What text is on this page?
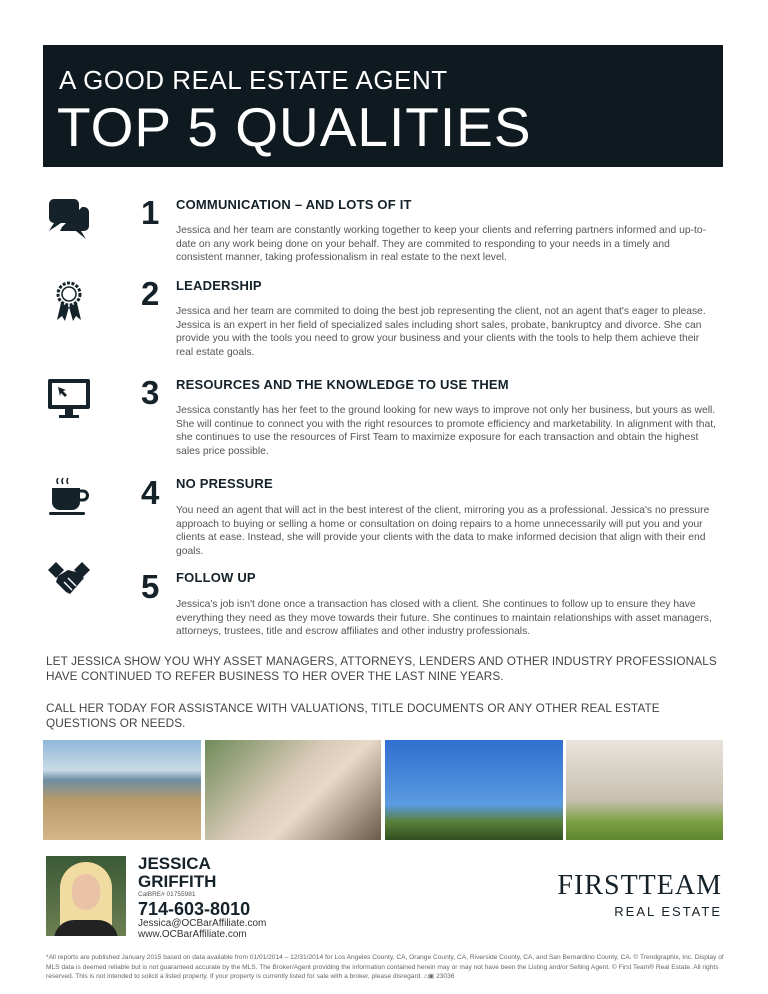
A GOOD REAL ESTATE AGENT
TOP 5 QUALITIES
1 COMMUNICATION – AND LOTS OF IT
Jessica and her team are constantly working together to keep your clients and referring partners informed and up-to-date on any work being done on your behalf. They are commited to responding to your needs in a timely and consistent manner, taking professionalism in real estate to the next level.
2 LEADERSHIP
Jessica and her team are commited to doing the best job representing the client, not an agent that's eager to please. Jessica is an expert in her field of specialized sales including short sales, probate, bankruptcy and divorce. She can provide you with the tools you need to grow your business and your clients with the tools to help them achieve their real estate goals.
3 RESOURCES AND THE KNOWLEDGE TO USE THEM
Jessica constantly has her feet to the ground looking for new ways to improve not only her business, but yours as well. She will continue to connect you with the right resources to promote efficiency and marketability. In alignment with that, she continues to use the resources of First Team to maximize exposure for each transaction and obtain the highest sales price possible.
4 NO PRESSURE
You need an agent that will act in the best interest of the client, mirroring you as a professional. Jessica's no pressure approach to buying or selling a home or consultation on doing repairs to a home unnecessarily will put you and your clients at ease. Instead, she will provide your clients with the data to make informed decision that align with their end goals.
5 FOLLOW UP
Jessica's job isn't done once a transaction has closed with a client. She continues to follow up to ensure they have everything they need as they move towards their future. She continues to maintain relationships with asset managers, attorneys, trustees, title and escrow affiliates and other industry professionals.
LET JESSICA SHOW YOU WHY ASSET MANAGERS, ATTORNEYS, LENDERS AND OTHER INDUSTRY PROFESSIONALS HAVE CONTINUED TO REFER BUSINESS TO HER OVER THE LAST NINE YEARS.
CALL HER TODAY FOR ASSISTANCE WITH VALUATIONS, TITLE DOCUMENTS OR ANY OTHER REAL ESTATE QUESTIONS OR NEEDS.
JESSICA
GRIFFITH
CalBRE# 01755981
714-603-8010
Jessica@OCBarAffiliate.com
www.OCBarAffiliate.com
FIRSTTEAM
REAL ESTATE
*All reports are published January 2015 based on data available from 01/01/2014 – 12/31/2014 for Los Angeles County, CA, Orange County, CA, Riverside County, CA, and San Bernardino County, CA. © Trendgraphix, Inc. Display of MLS data is deemed reliable but is not guaranteed accurate by the MLS. The Broker/Agent providing the information contained herein may or may not have been the Listing and/or Selling Agent. © First Team® Real Estate. All rights reserved. This is not intended to solicit a listed property. If your property is currently listed for sale with a broker, please disregard. ⌂▣ 23036
